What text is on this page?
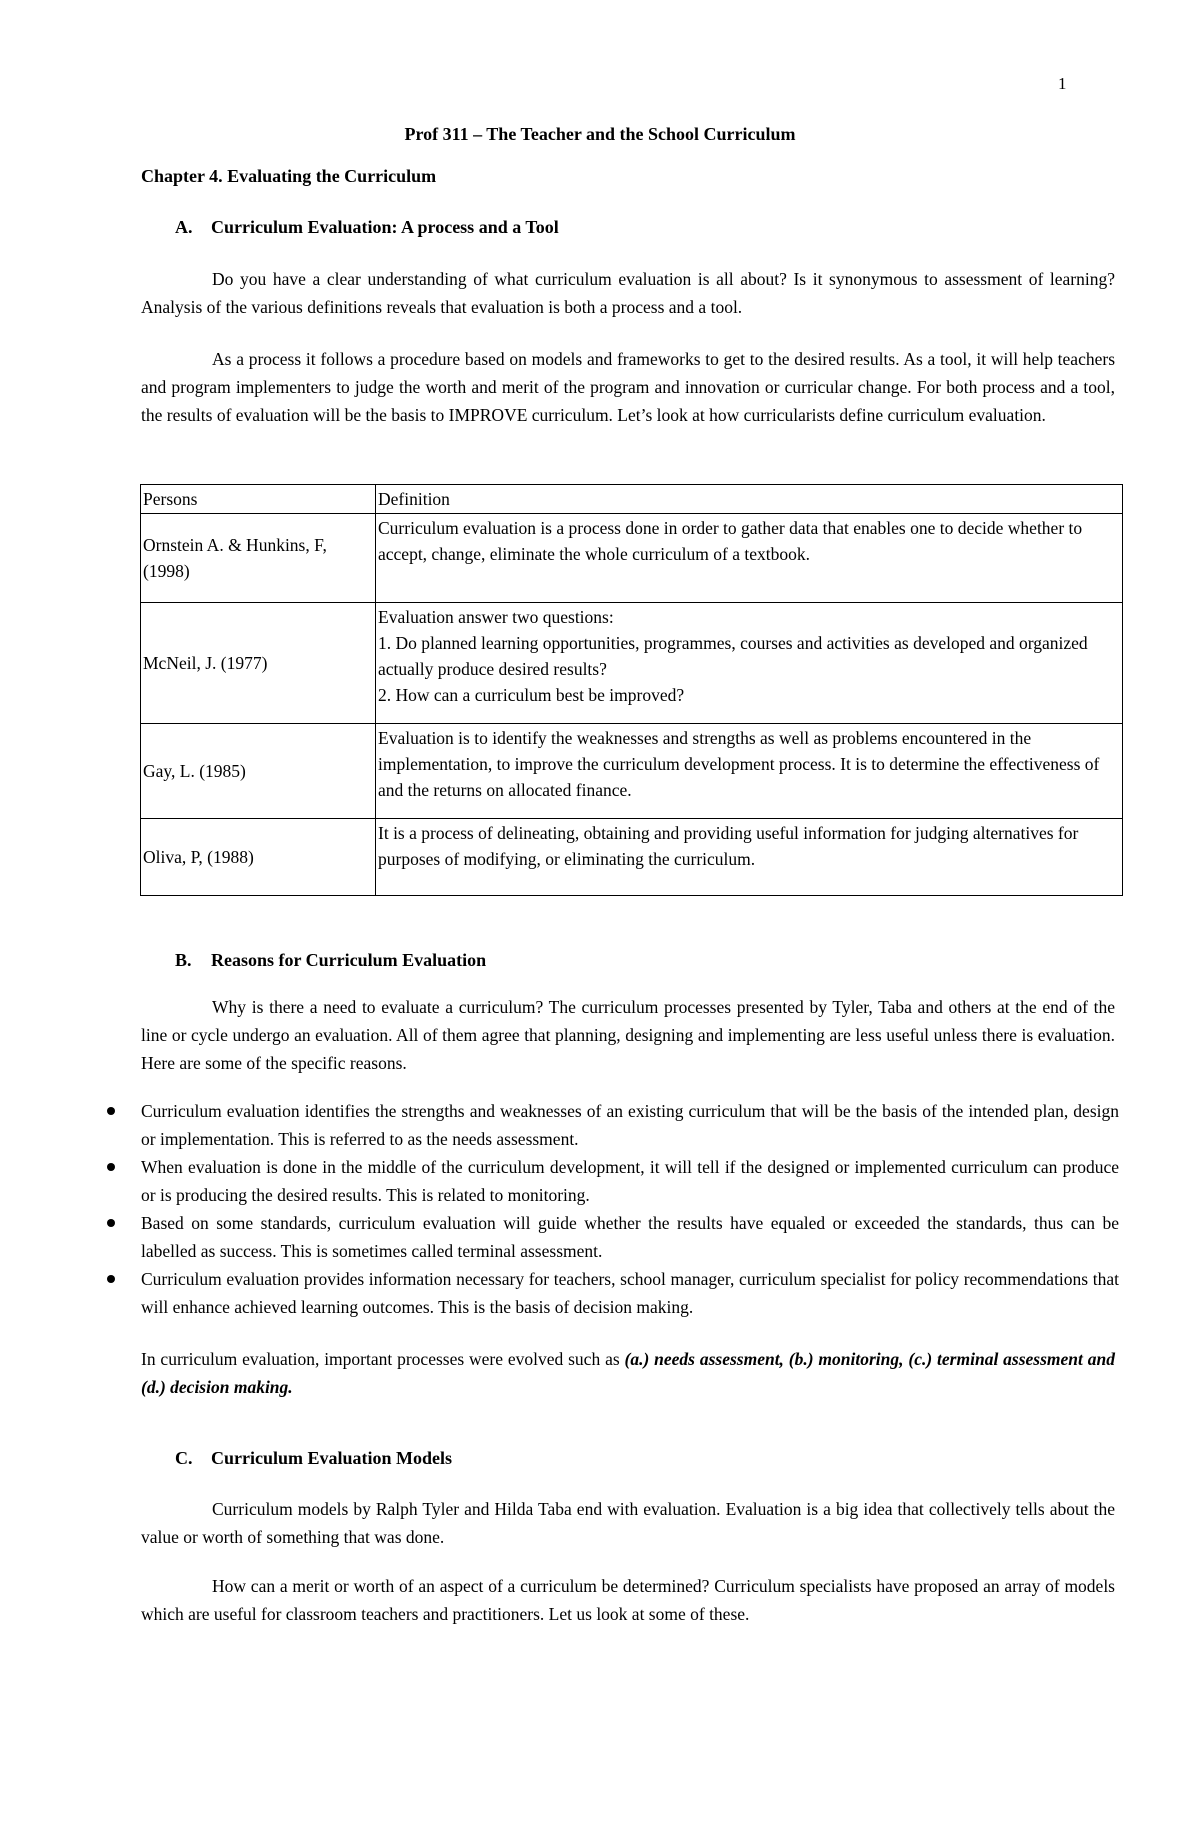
1
Prof 311 – The Teacher and the School Curriculum
Chapter 4. Evaluating the Curriculum
A. Curriculum Evaluation: A process and a Tool

Do you have a clear understanding of what curriculum evaluation is all about? Is it synonymous to assessment of learning? Analysis of the various definitions reveals that evaluation is both a process and a tool.

As a process it follows a procedure based on models and frameworks to get to the desired results. As a tool, it will help teachers and program implementers to judge the worth and merit of the program and innovation or curricular change. For both process and a tool, the results of evaluation will be the basis to IMPROVE curriculum. Let’s look at how curricularists define curriculum evaluation.

Persons	Definition
Ornstein A. & Hunkins, F, (1998)	Curriculum evaluation is a process done in order to gather data that enables one to decide whether to accept, change, eliminate the whole curriculum of a textbook.
McNeil, J. (1977)	Evaluation answer two questions:
1. Do planned learning opportunities, programmes, courses and activities as developed and organized actually produce desired results?
2. How can a curriculum best be improved?

Gay, L. (1985)	Evaluation is to identify the weaknesses and strengths as well as problems encountered in the implementation, to improve the curriculum development process. It is to determine the effectiveness of and the returns on allocated finance.
Oliva, P, (1988)	It is a process of delineating, obtaining and providing useful information for judging alternatives for purposes of modifying, or eliminating the curriculum.
B. Reasons for Curriculum Evaluation

Why is there a need to evaluate a curriculum? The curriculum processes presented by Tyler, Taba and others at the end of the line or cycle undergo an evaluation. All of them agree that planning, designing and implementing are less useful unless there is evaluation. Here are some of the specific reasons.

Curriculum evaluation identifies the strengths and weaknesses of an existing curriculum that will be the basis of the intended plan, design or implementation. This is referred to as the needs assessment.
When evaluation is done in the middle of the curriculum development, it will tell if the designed or implemented curriculum can produce or is producing the desired results. This is related to monitoring.
Based on some standards, curriculum evaluation will guide whether the results have equaled or exceeded the standards, thus can be labelled as success. This is sometimes called terminal assessment.
Curriculum evaluation provides information necessary for teachers, school manager, curriculum specialist for policy recommendations that will enhance achieved learning outcomes. This is the basis of decision making.

In curriculum evaluation, important processes were evolved such as (a.) needs assessment, (b.) monitoring, (c.) terminal assessment and (d.) decision making.

C. Curriculum Evaluation Models

Curriculum models by Ralph Tyler and Hilda Taba end with evaluation. Evaluation is a big idea that collectively tells about the value or worth of something that was done.

How can a merit or worth of an aspect of a curriculum be determined? Curriculum specialists have proposed an array of models which are useful for classroom teachers and practitioners. Let us look at some of these.
